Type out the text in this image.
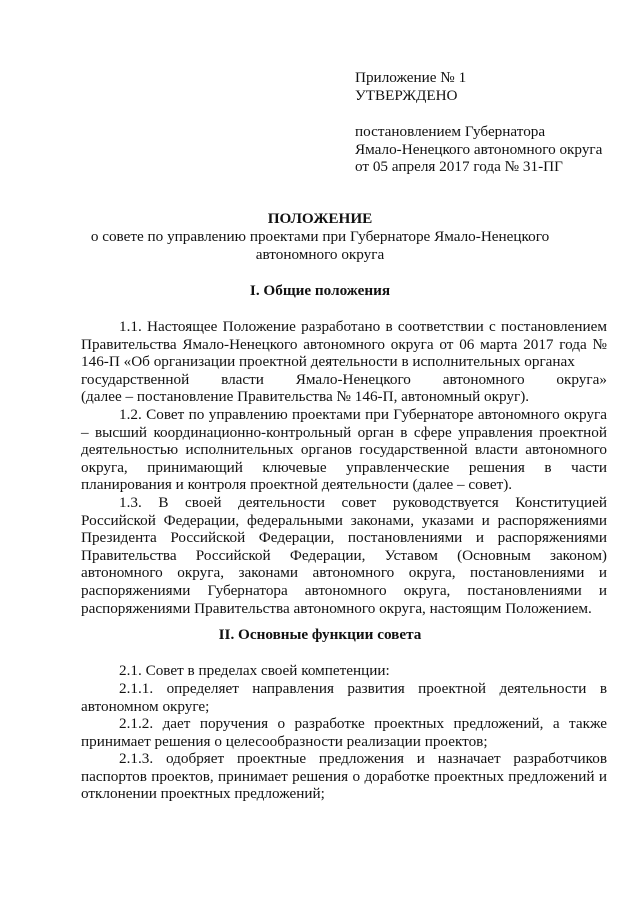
Приложение № 1
УТВЕРЖДЕНО
постановлением Губернатора
Ямало-Ненецкого автономного округа
от 05 апреля 2017 года № 31-ПГ
ПОЛОЖЕНИЕ
о совете по управлению проектами при Губернаторе Ямало-Ненецкого
автономного округа
I. Общие положения

1.1. Настоящее Положение разработано в соответствии с постановлением Правительства Ямало-Ненецкого автономного округа от 06 марта 2017 года № 146-П «Об организации проектной деятельности в исполнительных органах

государственной власти Ямало-Ненецкого автономного округа»

(далее – постановление Правительства № 146-П, автономный округ).

1.2. Совет по управлению проектами при Губернаторе автономного округа – высший координационно-контрольный орган в сфере управления проектной деятельностью исполнительных органов государственной власти автономного округа, принимающий ключевые управленческие решения в части планирования и контроля проектной деятельности (далее – совет).

1.3. В своей деятельности совет руководствуется Конституцией Российской Федерации, федеральными законами, указами и распоряжениями Президента Российской Федерации, постановлениями и распоряжениями Правительства Российской Федерации, Уставом (Основным законом) автономного округа, законами автономного округа, постановлениями и распоряжениями Губернатора автономного округа, постановлениями и распоряжениями Правительства автономного округа, настоящим Положением.

II. Основные функции совета

2.1. Совет в пределах своей компетенции:

2.1.1. определяет направления развития проектной деятельности в автономном округе;

2.1.2. дает поручения о разработке проектных предложений, а также принимает решения о целесообразности реализации проектов;

2.1.3. одобряет проектные предложения и назначает разработчиков паспортов проектов, принимает решения о доработке проектных предложений и отклонении проектных предложений;
